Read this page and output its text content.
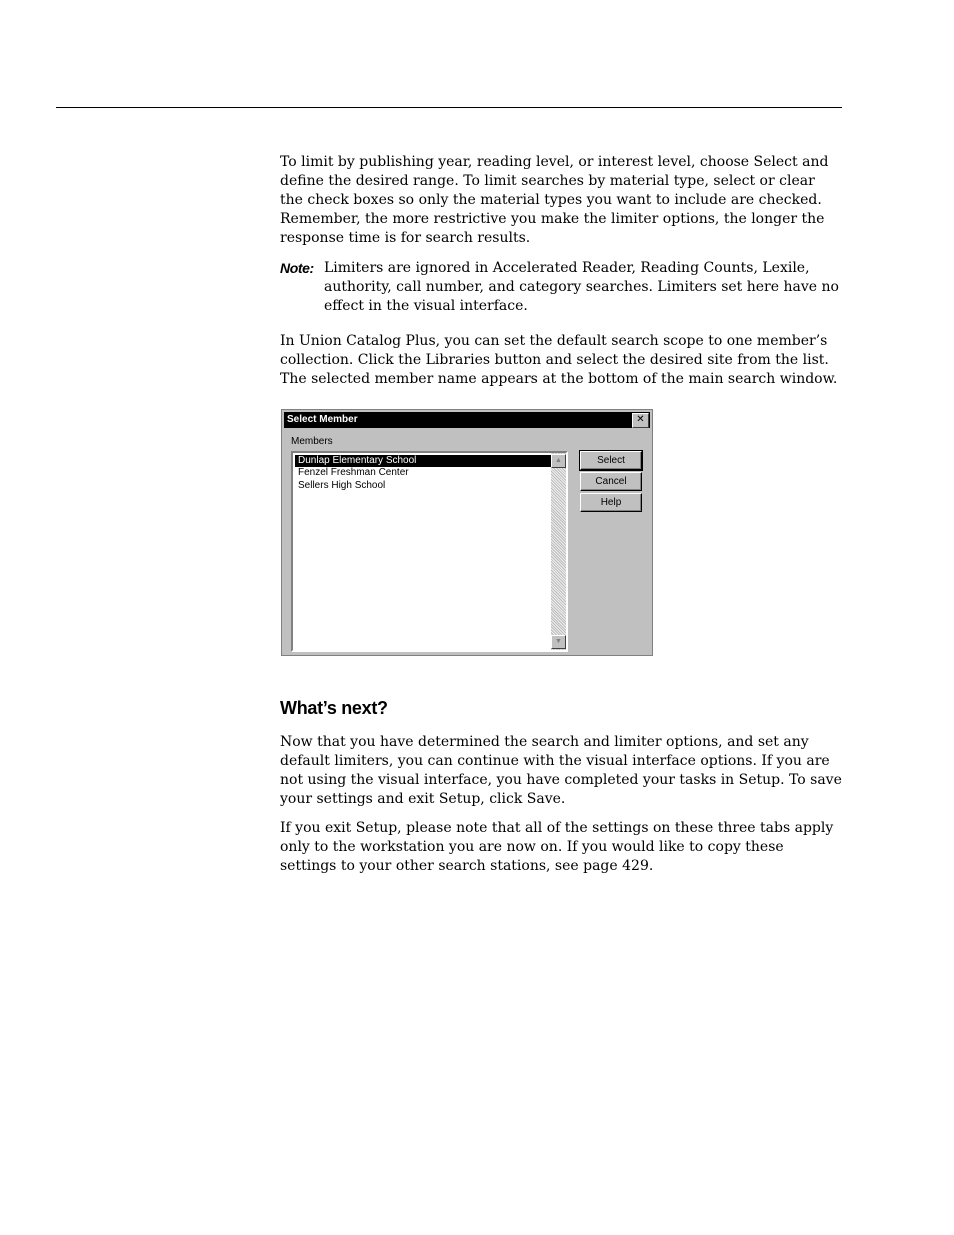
To limit by publishing year, reading level, or interest level, choose Select and define the desired range. To limit searches by material type, select or clear the check boxes so only the material types you want to include are checked. Remember, the more restrictive you make the limiter options, the longer the response time is for search results.

Note: Limiters are ignored in Accelerated Reader, Reading Counts, Lexile, authority, call number, and category searches. Limiters set here have no effect in the visual interface.

In Union Catalog Plus, you can set the default search scope to one member’s collection. Click the Libraries button and select the desired site from the list. The selected member name appears at the bottom of the main search window.

Select Member	✕
Members
Dunlap Elementary School
Fenzel Freshman Center
Sellers High School
▲
▼
Select
Cancel
Help
What’s next?

Now that you have determined the search and limiter options, and set any default limiters, you can continue with the visual interface options. If you are not using the visual interface, you have completed your tasks in Setup. To save your settings and exit Setup, click Save.

If you exit Setup, please note that all of the settings on these three tabs apply only to the workstation you are now on. If you would like to copy these settings to your other search stations, see page 429.
